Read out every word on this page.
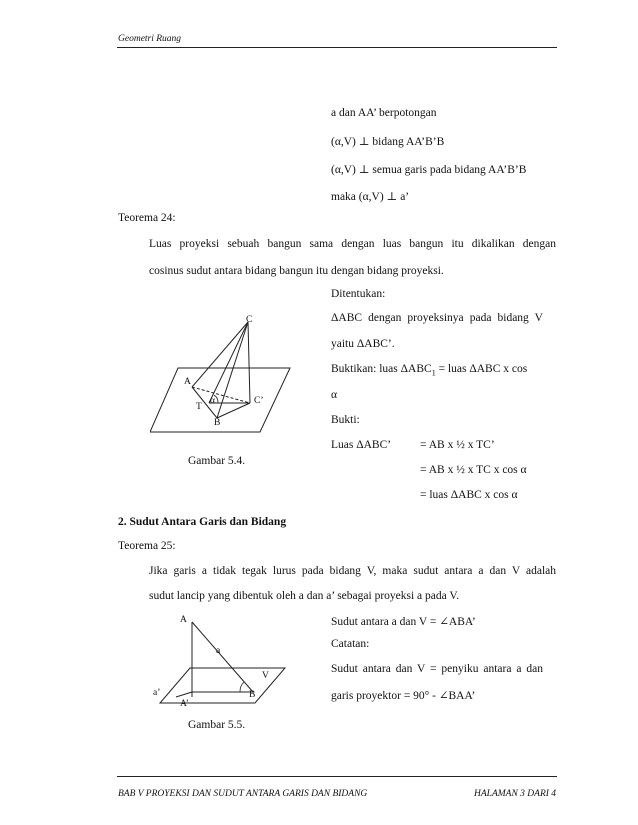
Geometri Ruang
a dan AA’ berpotongan
(α,V) ⊥ bidang AA’B’B
(α,V) ⊥ semua garis pada bidang AA’B’B
maka (α,V) ⊥ a’
Teorema 24:
Luas proyeksi sebuah bangun sama dengan luas bangun itu dikalikan dengan
cosinus sudut antara bidang bangun itu dengan bidang proyeksi.
Ditentukan:
ΔABC dengan proyeksinya pada bidang V
yaitu ΔABC’.
Buktikan: luas $\Delta ABC_1$ = luas ΔABC x cos
α
Bukti:
Luas ΔABC’	= AB x ½ x TC’
= AB x ½ x TC x cos α
= luas ΔABC x cos α
C
A
T
α	C’
B
Gambar 5.4.
2. Sudut Antara Garis dan Bidang
Teorema 25:
Jika garis a tidak tegak lurus pada bidang V, maka sudut antara a dan V adalah
sudut lancip yang dibentuk oleh a dan a’ sebagai proyeksi a pada V.
Sudut antara a dan V = ∠ABA’
Catatan:
Sudut antara dan V = penyiku antara a dan
garis proyektor = 90° - ∠BAA’
A
a
V
a’
A’
B
Gambar 5.5.
BAB V PROYEKSI DAN SUDUT ANTARA GARIS DAN BIDANG	HALAMAN 3 DARI 4
